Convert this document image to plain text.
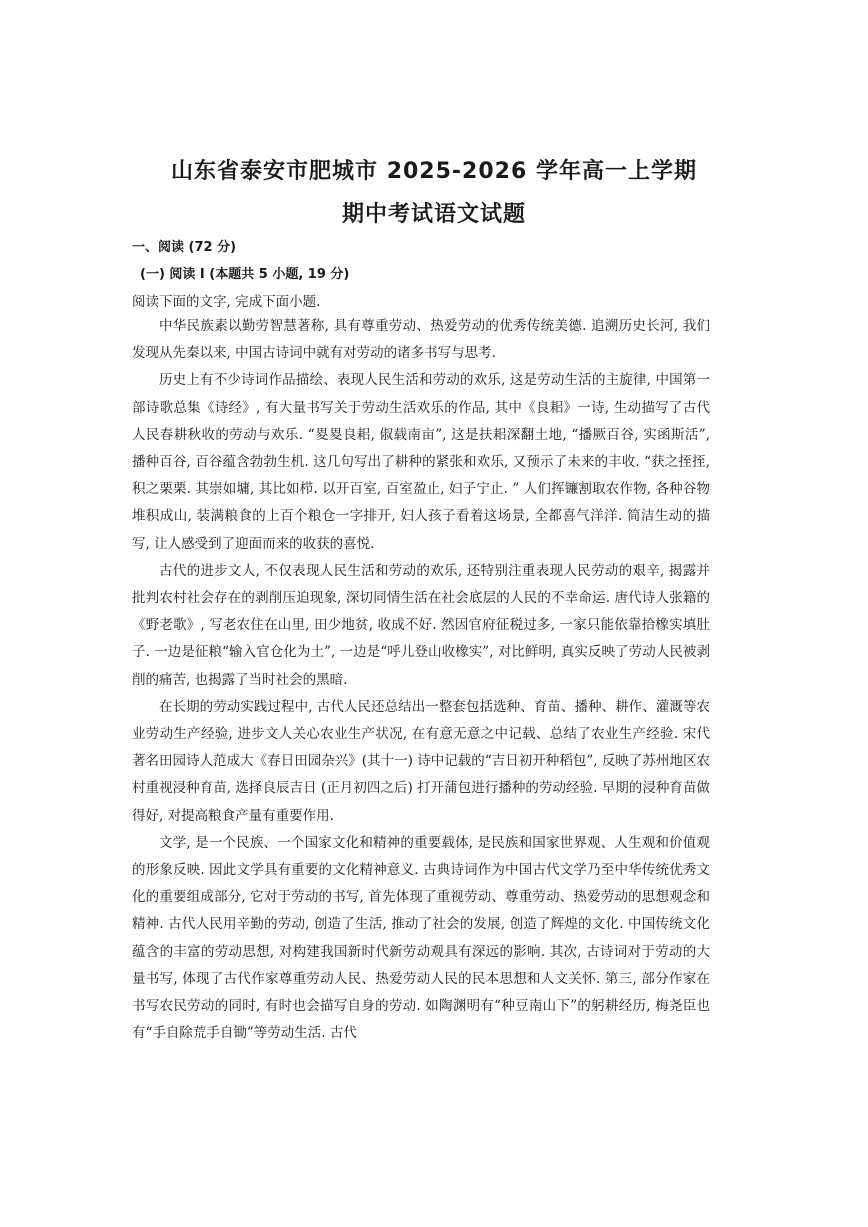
山东省泰安市肥城市 2025-2026 学年高一上学期
期中考试语文试题
一、阅读 (72 分)
(一) 阅读 I (本题共 5 小题, 19 分)
阅读下面的文字, 完成下面小题.

中华民族素以勤劳智慧著称, 具有尊重劳动、热爱劳动的优秀传统美德. 追溯历史长河, 我们发现从先秦以来, 中国古诗词中就有对劳动的诸多书写与思考.

历史上有不少诗词作品描绘、表现人民生活和劳动的欢乐, 这是劳动生活的主旋律, 中国第一部诗歌总集《诗经》, 有大量书写关于劳动生活欢乐的作品, 其中《良耜》一诗, 生动描写了古代人民春耕秋收的劳动与欢乐. “畟畟良耜, 俶载南亩”, 这是扶耜深翻土地, “播厥百谷, 实函斯活”, 播种百谷, 百谷蕴含勃勃生机. 这几句写出了耕种的紧张和欢乐, 又预示了未来的丰收. “获之挃挃, 积之栗栗. 其崇如墉, 其比如栉. 以开百室, 百室盈止, 妇子宁止. ” 人们挥镰割取农作物, 各种谷物堆积成山, 装满粮食的上百个粮仓一字排开, 妇人孩子看着这场景, 全都喜气洋洋. 简洁生动的描写, 让人感受到了迎面而来的收获的喜悦.

古代的进步文人, 不仅表现人民生活和劳动的欢乐, 还特别注重表现人民劳动的艰辛, 揭露并批判农村社会存在的剥削压迫现象, 深切同情生活在社会底层的人民的不幸命运. 唐代诗人张籍的《野老歌》, 写老农住在山里, 田少地贫, 收成不好. 然因官府征税过多, 一家只能依靠拾橡实填肚子. 一边是征粮“输入官仓化为土”, 一边是“呼儿登山收橡实”, 对比鲜明, 真实反映了劳动人民被剥削的痛苦, 也揭露了当时社会的黑暗.

在长期的劳动实践过程中, 古代人民还总结出一整套包括选种、育苗、播种、耕作、灌溉等农业劳动生产经验, 进步文人关心农业生产状况, 在有意无意之中记载、总结了农业生产经验. 宋代著名田园诗人范成大《春日田园杂兴》(其十一) 诗中记载的“吉日初开种稻包”, 反映了苏州地区农村重视浸种育苗, 选择良辰吉日 (正月初四之后) 打开蒲包进行播种的劳动经验. 早期的浸种育苗做得好, 对提高粮食产量有重要作用.

文学, 是一个民族、一个国家文化和精神的重要载体, 是民族和国家世界观、人生观和价值观的形象反映. 因此文学具有重要的文化精神意义. 古典诗词作为中国古代文学乃至中华传统优秀文化的重要组成部分, 它对于劳动的书写, 首先体现了重视劳动、尊重劳动、热爱劳动的思想观念和精神. 古代人民用辛勤的劳动, 创造了生活, 推动了社会的发展, 创造了辉煌的文化. 中国传统文化蕴含的丰富的劳动思想, 对构建我国新时代新劳动观具有深远的影响. 其次, 古诗词对于劳动的大量书写, 体现了古代作家尊重劳动人民、热爱劳动人民的民本思想和人文关怀. 第三, 部分作家在书写农民劳动的同时, 有时也会描写自身的劳动. 如陶渊明有“种豆南山下”的躬耕经历, 梅尧臣也有“手自除荒手自锄”等劳动生活. 古代
